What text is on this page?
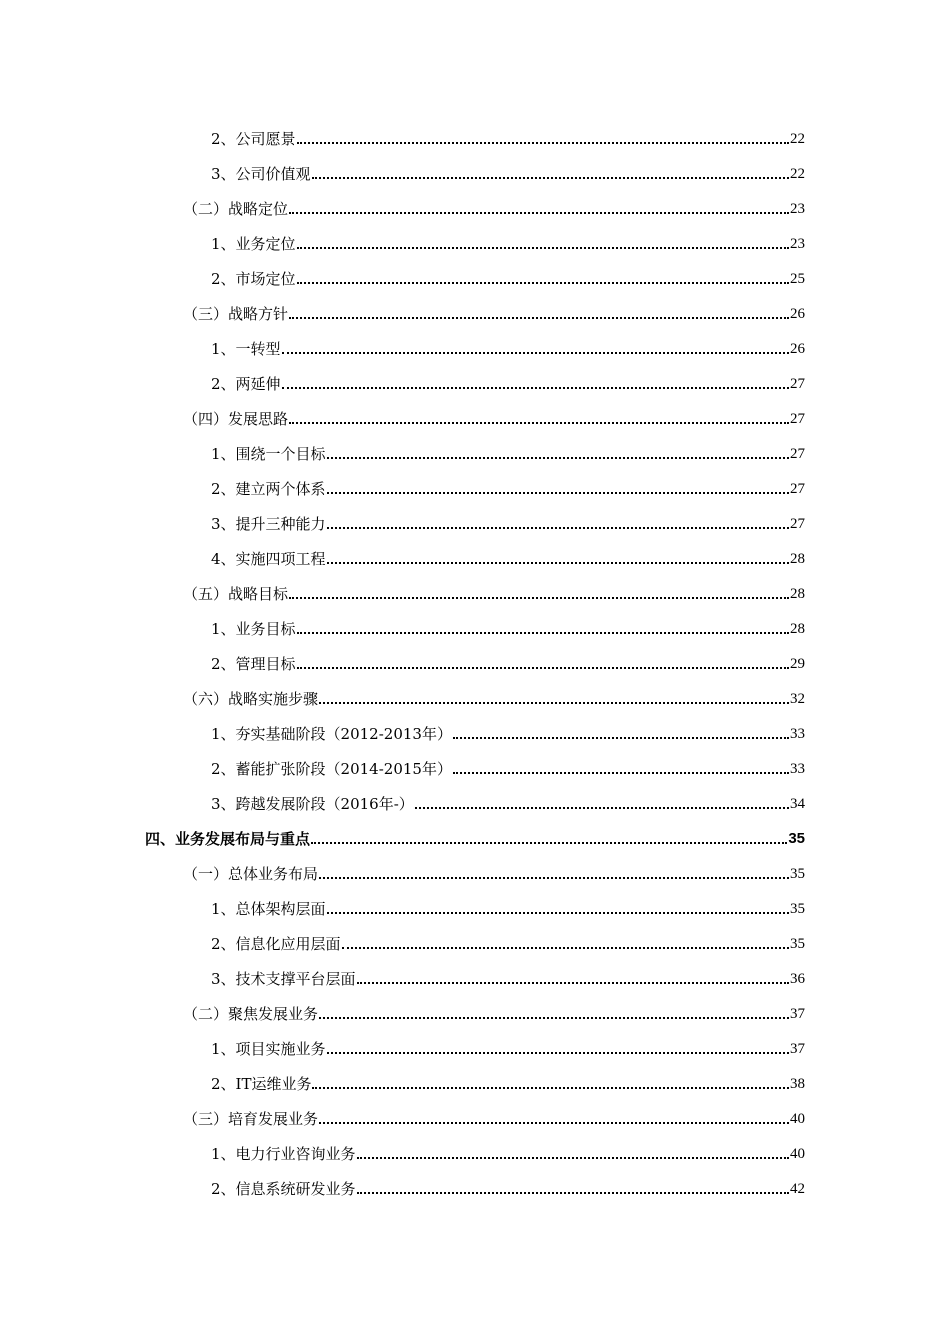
2、公司愿景	22
3、公司价值观	22
（二）战略定位	23
1、业务定位	23
2、市场定位	25
（三）战略方针	26
1、一转型	26
2、两延伸	27
（四）发展思路	27
1、围绕一个目标	27
2、建立两个体系	27
3、提升三种能力	27
4、实施四项工程	28
（五）战略目标	28
1、业务目标	28
2、管理目标	29
（六）战略实施步骤	32
1、夯实基础阶段（2012-2013年）	33
2、蓄能扩张阶段（2014-2015年）	33
3、跨越发展阶段（2016年-）	34
四、业务发展布局与重点	35
（一）总体业务布局	35
1、总体架构层面	35
2、信息化应用层面	35
3、技术支撑平台层面	36
（二）聚焦发展业务	37
1、项目实施业务	37
2、IT运维业务	38
（三）培育发展业务	40
1、电力行业咨询业务	40
2、信息系统研发业务	42
